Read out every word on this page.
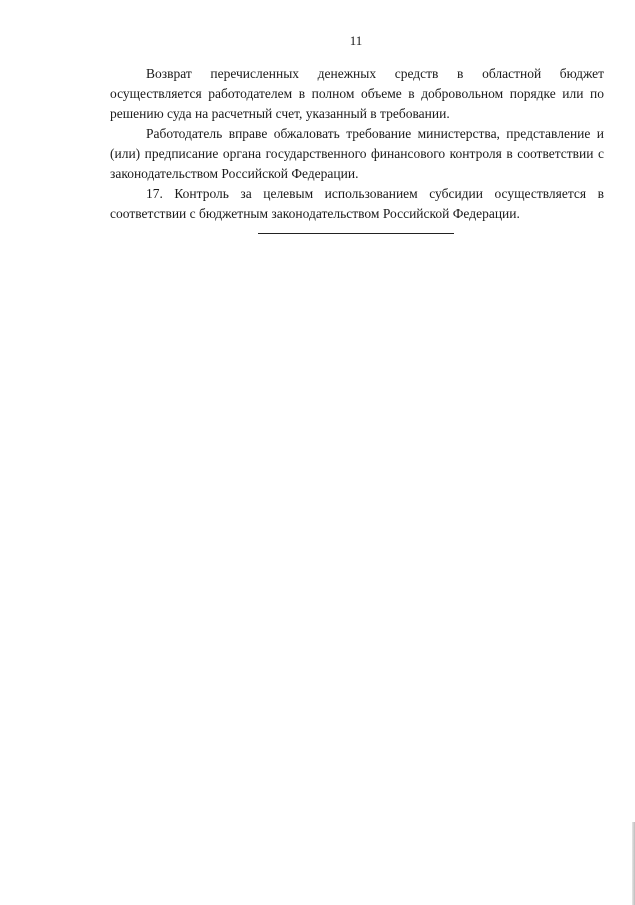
11

Возврат перечисленных денежных средств в областной бюджет осуществляется работодателем в полном объеме в добровольном порядке или по решению суда на расчетный счет, указанный в требовании.

Работодатель вправе обжаловать требование министерства, представление и (или) предписание органа государственного финансового контроля в соответствии с законодательством Российской Федерации.

17. Контроль за целевым использованием субсидии осуществляется в соответствии с бюджетным законодательством Российской Федерации.
